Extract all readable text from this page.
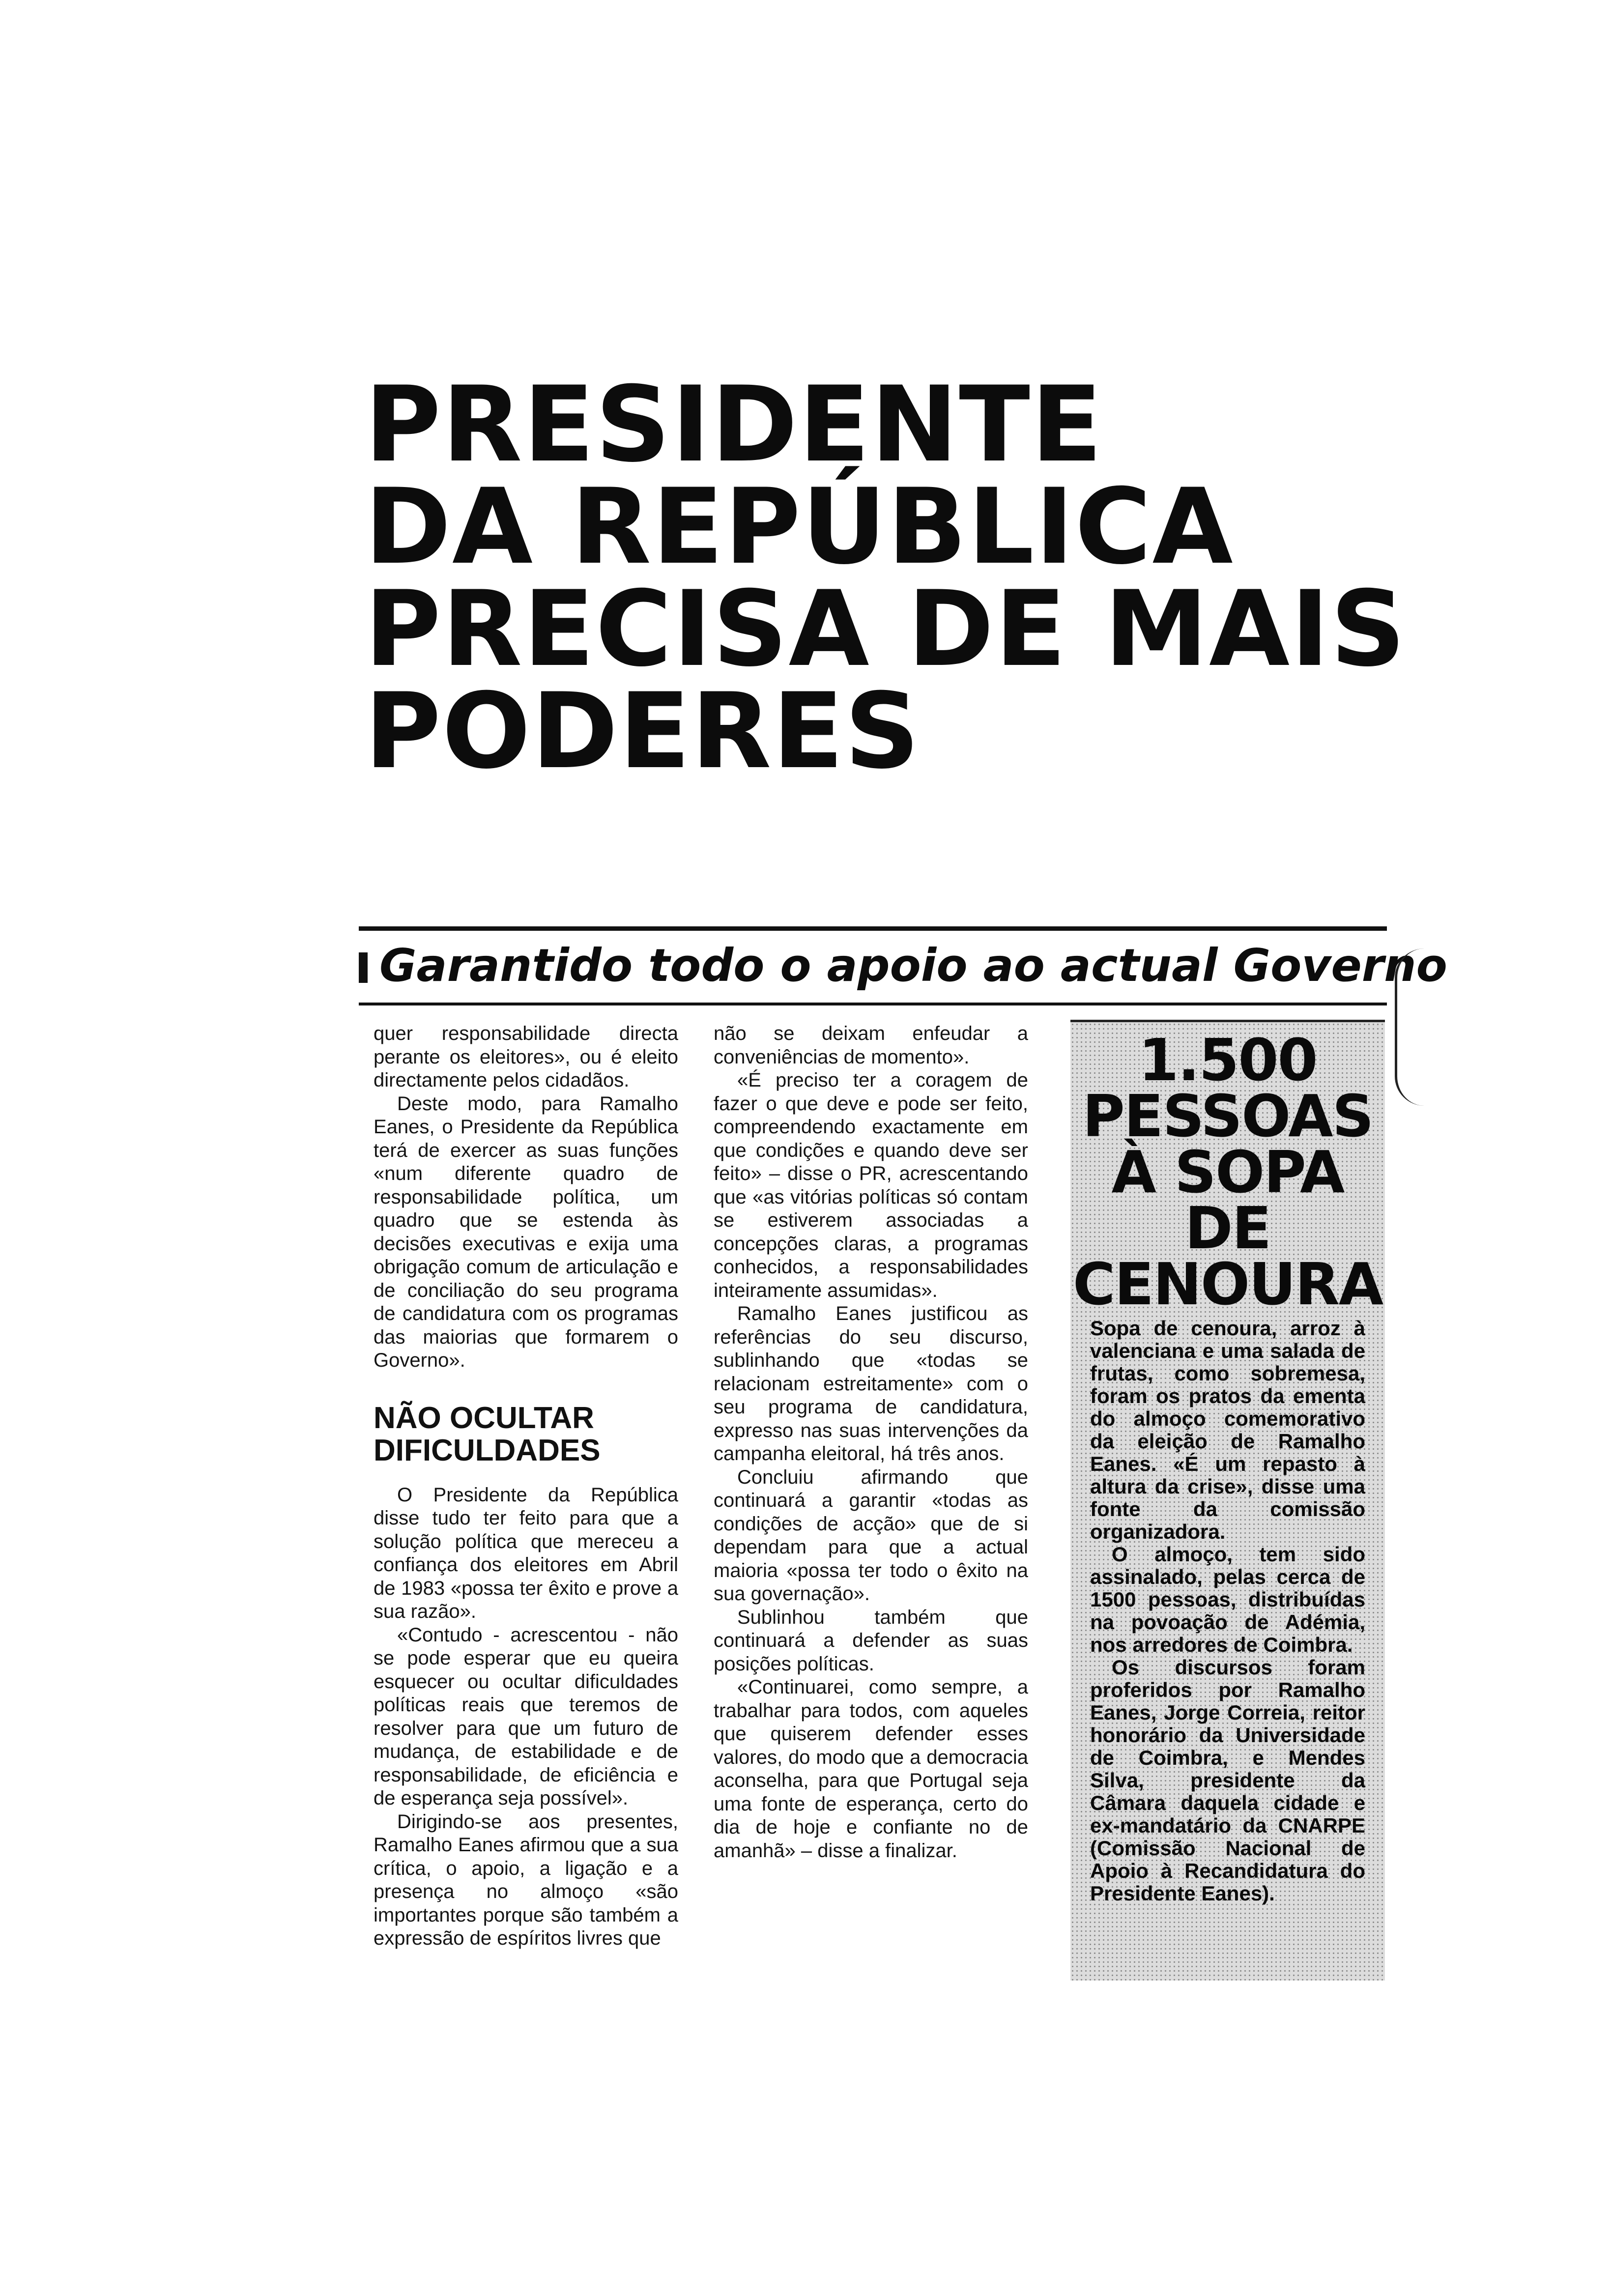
PRESIDENTE
DA REPÚBLICA
PRECISA DE MAIS
PODERES
Garantido todo o apoio ao actual Governo

quer responsabilidade directa perante os eleitores», ou é eleito directamente pelos cidadãos.

Deste modo, para Ramalho Eanes, o Presidente da República terá de exercer as suas funções «num diferente quadro de responsabilidade política, um quadro que se estenda às decisões executivas e exija uma obrigação comum de articulação e de conciliação do seu programa de candidatura com os programas das maiorias que formarem o Governo».

NÃO OCULTAR DIFICULDADES

O Presidente da República disse tudo ter feito para que a solução política que mereceu a confiança dos eleitores em Abril de 1983 «possa ter êxito e prove a sua razão».

«Contudo - acrescentou - não se pode esperar que eu queira esquecer ou ocultar dificuldades políticas reais que teremos de resolver para que um futuro de mudança, de estabilidade e de responsabilidade, de eficiência e de esperança seja possível».

Dirigindo-se aos presentes, Ramalho Eanes afirmou que a sua crítica, o apoio, a ligação e a presença no almoço «são importantes porque são também a expressão de espíritos livres que

não se deixam enfeudar a conveniências de momento».

«É preciso ter a coragem de fazer o que deve e pode ser feito, compreendendo exactamente em que condições e quando deve ser feito» – disse o PR, acrescentando que «as vitórias políticas só contam se estiverem associadas a concepções claras, a programas conhecidos, a responsabilidades inteiramente assumidas».

Ramalho Eanes justificou as referências do seu discurso, sublinhando que «todas se relacionam estreitamente» com o seu programa de candidatura, expresso nas suas intervenções da campanha eleitoral, há três anos.

Concluiu afirmando que continuará a garantir «todas as condições de acção» que de si dependam para que a actual maioria «possa ter todo o êxito na sua governação».

Sublinhou também que continuará a defender as suas posições políticas.

«Continuarei, como sempre, a trabalhar para todos, com aqueles que quiserem defender esses valores, do modo que a democracia aconselha, para que Portugal seja uma fonte de esperança, certo do dia de hoje e confiante no de amanhã» – disse a finalizar.

1.500
PESSOAS
À SOPA
DE
CENOURA

Sopa de cenoura, arroz à valenciana e uma salada de frutas, como sobremesa, foram os pratos da ementa do almoço comemorativo da eleição de Ramalho Eanes. «É um repasto à altura da crise», disse uma fonte da comissão organizadora.

O almoço, tem sido assinalado, pelas cerca de 1500 pessoas, distribuídas na povoação de Adémia, nos arredores de Coimbra.

Os discursos foram proferidos por Ramalho Eanes, Jorge Correia, reitor honorário da Universidade de Coimbra, e Mendes Silva, presidente da Câmara daquela cidade e ex-mandatário da CNARPE (Comissão Nacional de Apoio à Recandidatura do Presidente Eanes).
